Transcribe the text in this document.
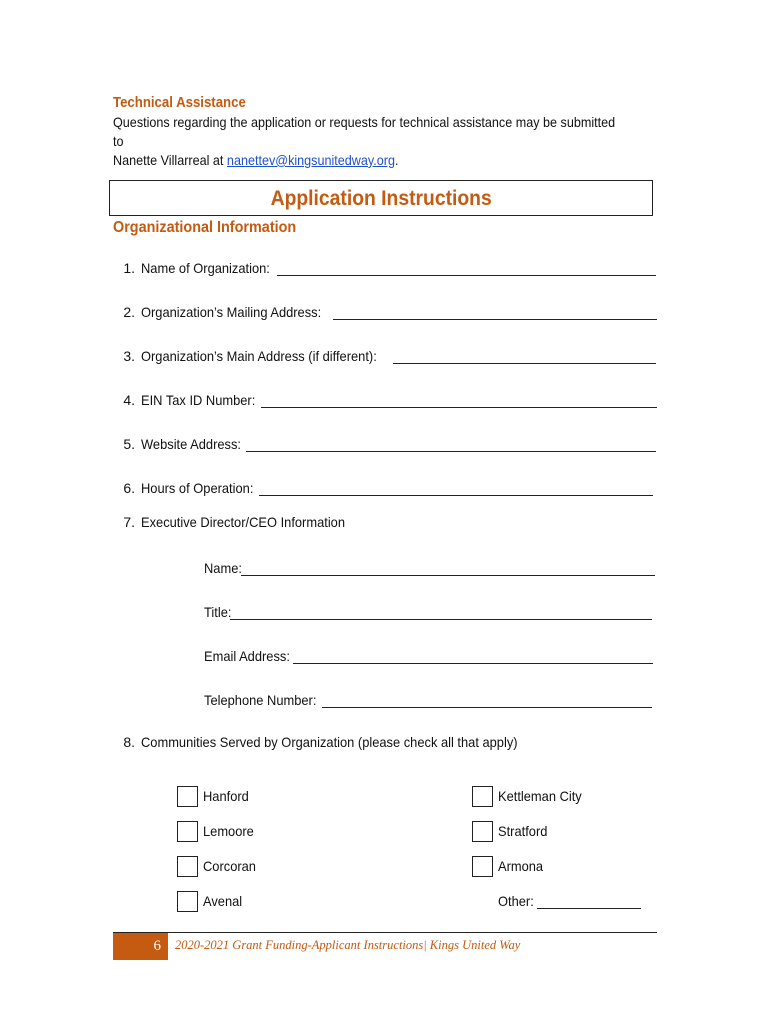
Technical Assistance
Questions regarding the application or requests for technical assistance may be submitted to
Nanette Villarreal at nanettev@kingsunitedway.org.
Application Instructions
Organizational Information
1. Name of Organization:
2. Organization’s Mailing Address:
3. Organization’s Main Address (if different):
4. EIN Tax ID Number:
5. Website Address:
6. Hours of Operation:
7. Executive Director/CEO Information
Name:
Title:
Email Address:
Telephone Number:
8. Communities Served by Organization (please check all that apply)
Hanford
Lemoore
Corcoran
Avenal
Kettleman City
Stratford
Armona
Other:
6	2020-2021 Grant Funding-Applicant Instructions| Kings United Way
